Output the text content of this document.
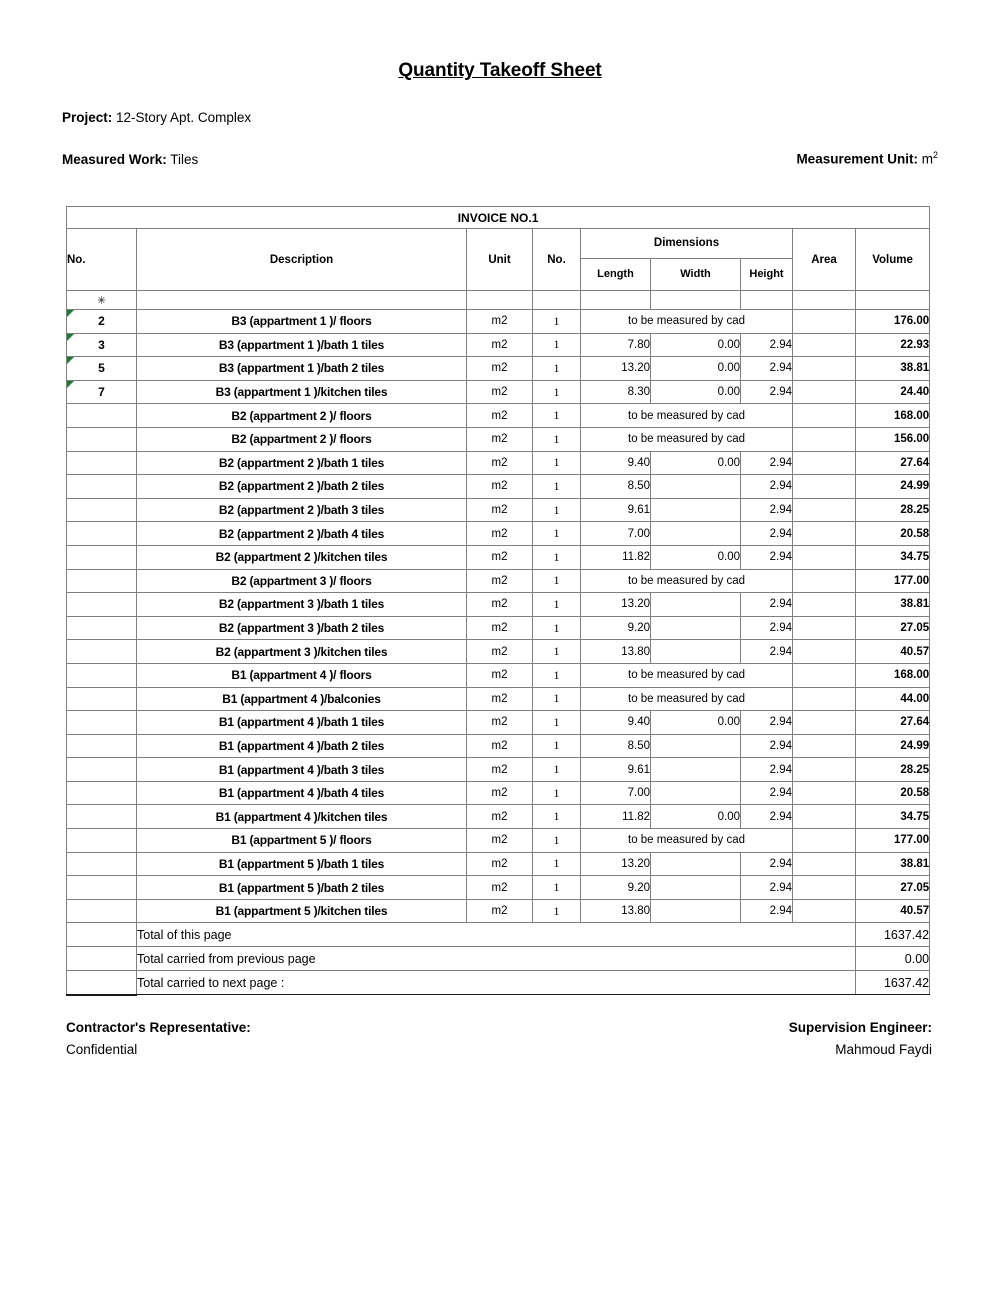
Quantity Takeoff Sheet
Project: 12-Story Apt. Complex
Measured Work: Tiles	Measurement Unit: $m^2$
INVOICE NO.1								
No.	Description	Unit	No.	Dimensions			Area	Volume
				Length	Width	Height		
✳								

2	B3 (appartment 1 )/ floors	m2	1	to be measured by cad				176.00

3	B3 (appartment 1 )/bath 1 tiles	m2	1	7.80	0.00	2.94		22.93

5	B3 (appartment 1 )/bath 2 tiles	m2	1	13.20	0.00	2.94		38.81

7	B3 (appartment 1 )/kitchen tiles	m2	1	8.30	0.00	2.94		24.40
	B2 (appartment 2 )/ floors	m2	1	to be measured by cad				168.00
	B2 (appartment 2 )/ floors	m2	1	to be measured by cad				156.00
	B2 (appartment 2 )/bath 1 tiles	m2	1	9.40	0.00	2.94		27.64
	B2 (appartment 2 )/bath 2 tiles	m2	1	8.50		2.94		24.99
	B2 (appartment 2 )/bath 3 tiles	m2	1	9.61		2.94		28.25
	B2 (appartment 2 )/bath 4 tiles	m2	1	7.00		2.94		20.58
	B2 (appartment 2 )/kitchen tiles	m2	1	11.82	0.00	2.94		34.75
	B2 (appartment 3 )/ floors	m2	1	to be measured by cad				177.00
	B2 (appartment 3 )/bath 1 tiles	m2	1	13.20		2.94		38.81
	B2 (appartment 3 )/bath 2 tiles	m2	1	9.20		2.94		27.05
	B2 (appartment 3 )/kitchen tiles	m2	1	13.80		2.94		40.57
	B1 (appartment 4 )/ floors	m2	1	to be measured by cad				168.00
	B1 (appartment 4 )/balconies	m2	1	to be measured by cad				44.00
	B1 (appartment 4 )/bath 1 tiles	m2	1	9.40	0.00	2.94		27.64
	B1 (appartment 4 )/bath 2 tiles	m2	1	8.50		2.94		24.99
	B1 (appartment 4 )/bath 3 tiles	m2	1	9.61		2.94		28.25
	B1 (appartment 4 )/bath 4 tiles	m2	1	7.00		2.94		20.58
	B1 (appartment 4 )/kitchen tiles	m2	1	11.82	0.00	2.94		34.75
	B1 (appartment 5 )/ floors	m2	1	to be measured by cad				177.00
	B1 (appartment 5 )/bath 1 tiles	m2	1	13.20		2.94		38.81
	B1 (appartment 5 )/bath 2 tiles	m2	1	9.20		2.94		27.05
	B1 (appartment 5 )/kitchen tiles	m2	1	13.80		2.94		40.57
	Total of this page							1637.42
	Total carried from previous page							0.00
	Total carried to next page :							1637.42
Contractor's Representative:
Confidential
Supervision Engineer:
Mahmoud Faydi
